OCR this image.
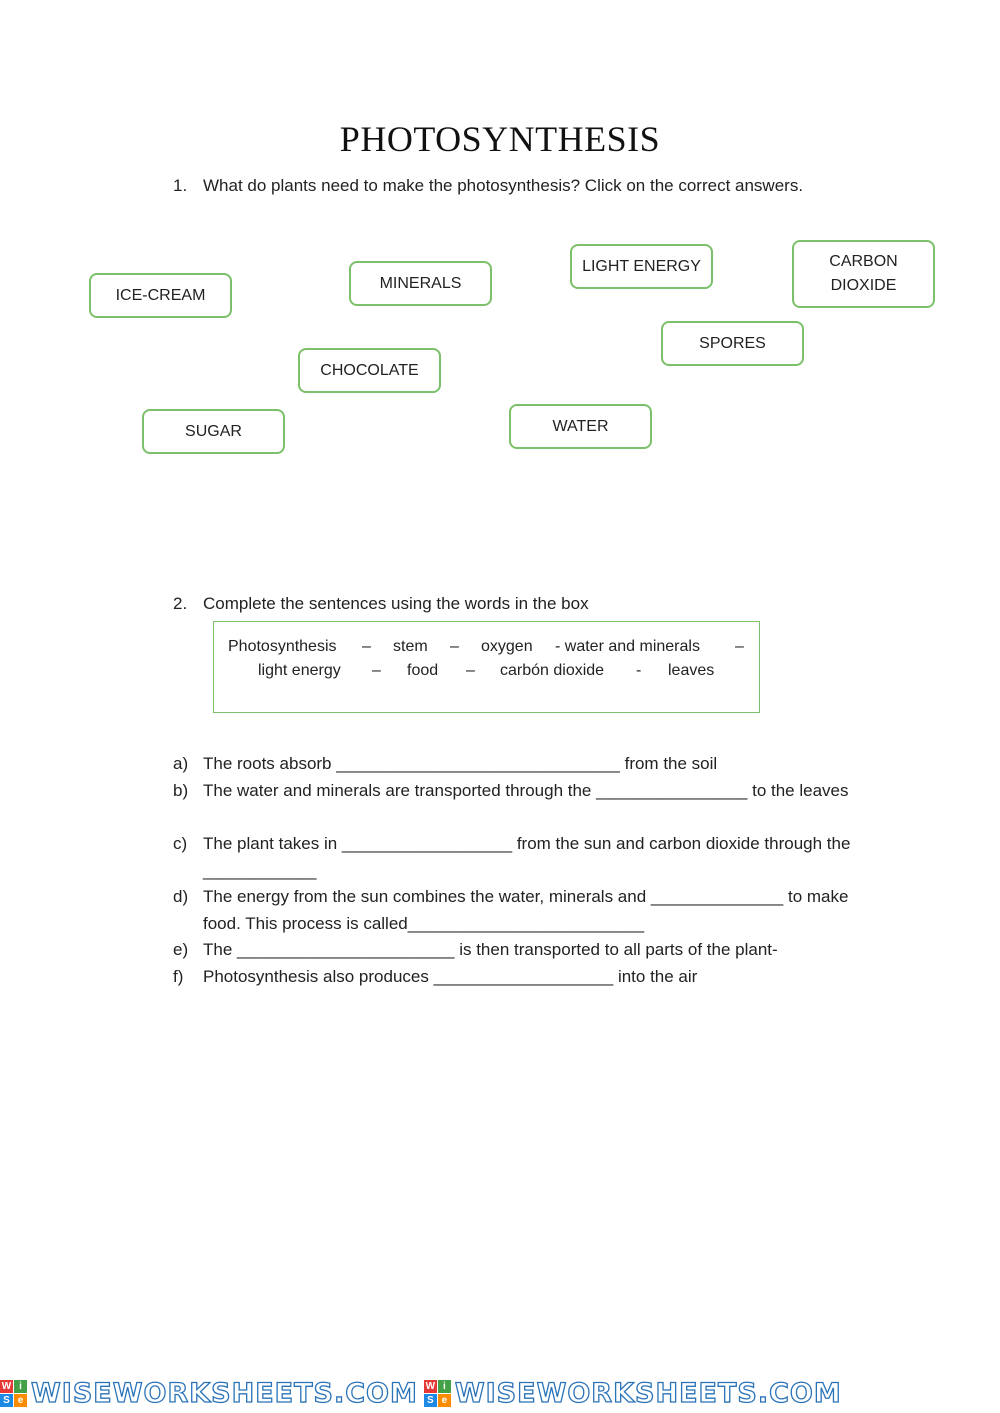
PHOTOSYNTHESIS
1. What do plants need to make the photosynthesis? Click on the correct answers.
ICE-CREAM
MINERALS
LIGHT ENERGY	CARBON
DIOXIDE
SPORES
CHOCOLATE
SUGAR	WATER
2. Complete the sentences using the words in the box
Photosynthesis – stem – oxygen - water and minerals –
light energy – food – carbón dioxide - leaves
a) The roots absorb ______________________________ from the soil
b) The water and minerals are transported through the ________________ to the leaves
c) The plant takes in __________________ from the sun and carbon dioxide through the ____________
d) The energy from the sun combines the water, minerals and ______________ to make food. This process is called_________________________
e) The _______________________ is then transported to all parts of the plant-
f) Photosynthesis also produces ___________________ into the air
W i
S e WISEWORKSHEETS.COM W i
S e WISEWORKSHEETS.COM
